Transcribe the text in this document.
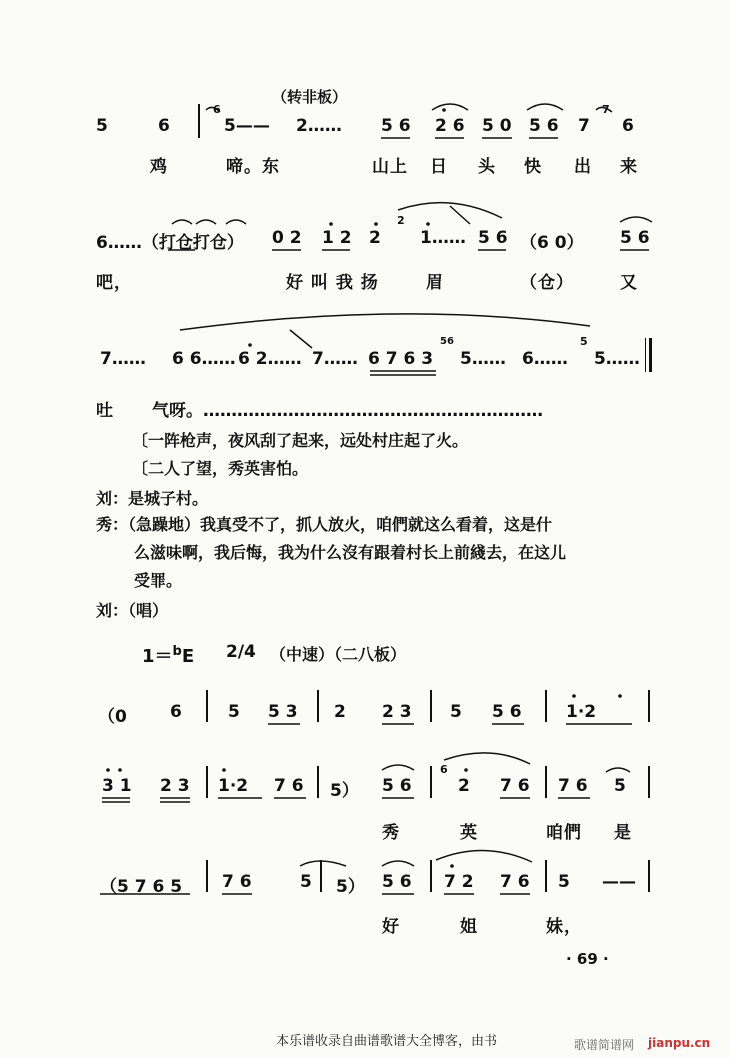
（转非板）
5	6
6
5—— 2…… 5 6 2 6 5 0 5 6 7
7
6
鸡	啼。东	山上 日 头 快 出 来
6……（打仓打仓） 0 2 1 2 2
2
1…… 5 6 （6 0） 5 6
吧，	好 叫 我 扬	眉	（仓）	又
7…… 6 6…… 6 2…… 7…… 6 7 6 3
56
5…… 6……
5
5……
吐 气呀。……………………………………………………
〔一阵枪声，夜风刮了起来，远处村庄起了火。
〔二人了望，秀英害怕。
刘：是城子村。
秀：（急躁地）我真受不了，抓人放火，咱們就这么看着，这是什
么滋味啊，我后悔，我为什么沒有跟着村长上前綫去，在这儿
受罪。
刘：（唱）
1＝$^b$E 2/4 （中速）（二八板）
（0	6	5 5 3 2 2 3 5 5 6	1·2
3 1 2 3 1·2 7 6 5） 5 6
6
2 7 6 7 6 5
秀	英	咱們 是
（5 7 6 5 7 6	5 5） 5 6 7 2 7 6 5 ——
好	姐	妹，
· 69 ·
本乐谱收录自曲谱歌谱大全博客，由书	歌谱简谱网 jianpu.cn
